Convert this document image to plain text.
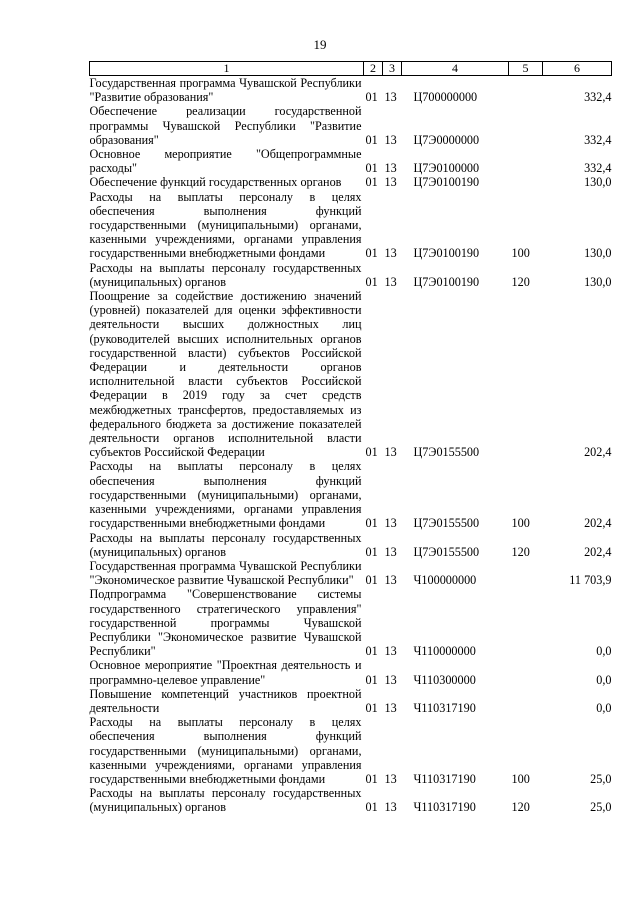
19
1	2	3	4	5	6
Государственная программа Чувашской Республики "Развитие образования"	01	13	Ц700000000		332,4
Обеспечение реализации государственной программы Чувашской Республики "Развитие образования"	01	13	Ц7Э0000000		332,4
Основное мероприятие "Общепрограммные расходы"	01	13	Ц7Э0100000		332,4
Обеспечение функций государственных органов	01	13	Ц7Э0100190		130,0
Расходы на выплаты персоналу в целях обеспечения выполнения функций государственными (муниципальными) органами, казенными учреждениями, органами управления государственными внебюджетными фондами	01	13	Ц7Э0100190	100	130,0
Расходы на выплаты персоналу государственных (муниципальных) органов	01	13	Ц7Э0100190	120	130,0
Поощрение за содействие достижению значений (уровней) показателей для оценки эффективности деятельности высших должностных лиц (руководителей высших исполнительных органов государственной власти) субъектов Российской Федерации и деятельности органов исполнительной власти субъектов Российской Федерации в 2019 году за счет средств межбюджетных трансфертов, предоставляемых из федерального бюджета за достижение показателей деятельности органов исполнительной власти субъектов Российской Федерации	01	13	Ц7Э0155500		202,4
Расходы на выплаты персоналу в целях обеспечения выполнения функций государственными (муниципальными) органами, казенными учреждениями, органами управления государственными внебюджетными фондами	01	13	Ц7Э0155500	100	202,4
Расходы на выплаты персоналу государственных (муниципальных) органов	01	13	Ц7Э0155500	120	202,4
Государственная программа Чувашской Республики "Экономическое развитие Чувашской Республики"	01	13	Ч100000000		11 703,9
Подпрограмма "Совершенствование системы государственного стратегического управления" государственной программы Чувашской Республики "Экономическое развитие Чувашской Республики"	01	13	Ч110000000		0,0
Основное мероприятие "Проектная деятельность и программно-целевое управление"	01	13	Ч110300000		0,0
Повышение компетенций участников проектной деятельности	01	13	Ч110317190		0,0
Расходы на выплаты персоналу в целях обеспечения выполнения функций государственными (муниципальными) органами, казенными учреждениями, органами управления государственными внебюджетными фондами	01	13	Ч110317190	100	25,0
Расходы на выплаты персоналу государственных (муниципальных) органов	01	13	Ч110317190	120	25,0
